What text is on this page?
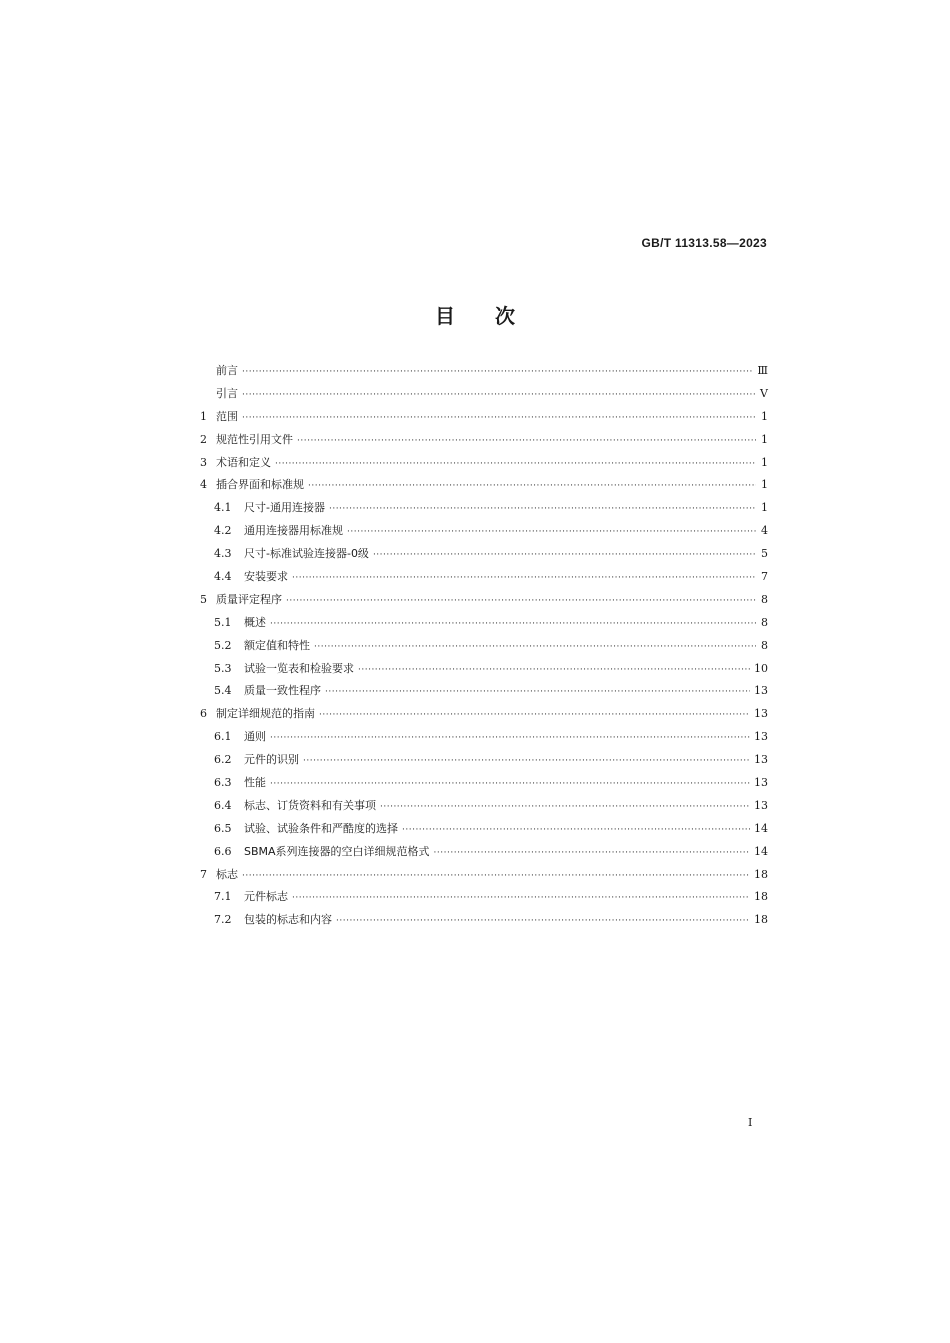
GB/T 11313.58—2023
目次
前言 ·····	Ⅲ
引言 ·····	Ⅴ
1 范围 ·····	1
2 规范性引用文件 ·····	1
3 术语和定义 ·····	1
4 插合界面和标准规 ·····	1
4.1	尺寸-通用连接器 ·····	1
4.2	通用连接器用标准规 ·····	4
4.3	尺寸-标准试验连接器-0级 ·····	5
4.4	安装要求 ·····	7
5 质量评定程序 ·····	8
5.1	概述 ·····	8
5.2	额定值和特性 ·····	8
5.3	试验一览表和检验要求 ·····	10
5.4	质量一致性程序 ·····	13
6 制定详细规范的指南 ·····	13
6.1	通则 ·····	13
6.2	元件的识别 ·····	13
6.3	性能 ·····	13
6.4	标志、订货资料和有关事项 ·····	13
6.5	试验、试验条件和严酷度的选择 ·····	14
6.6	SBMA系列连接器的空白详细规范格式 ·····	14
7 标志 ·····	18
7.1	元件标志 ·····	18
7.2	包装的标志和内容 ·····	18
Ⅰ
